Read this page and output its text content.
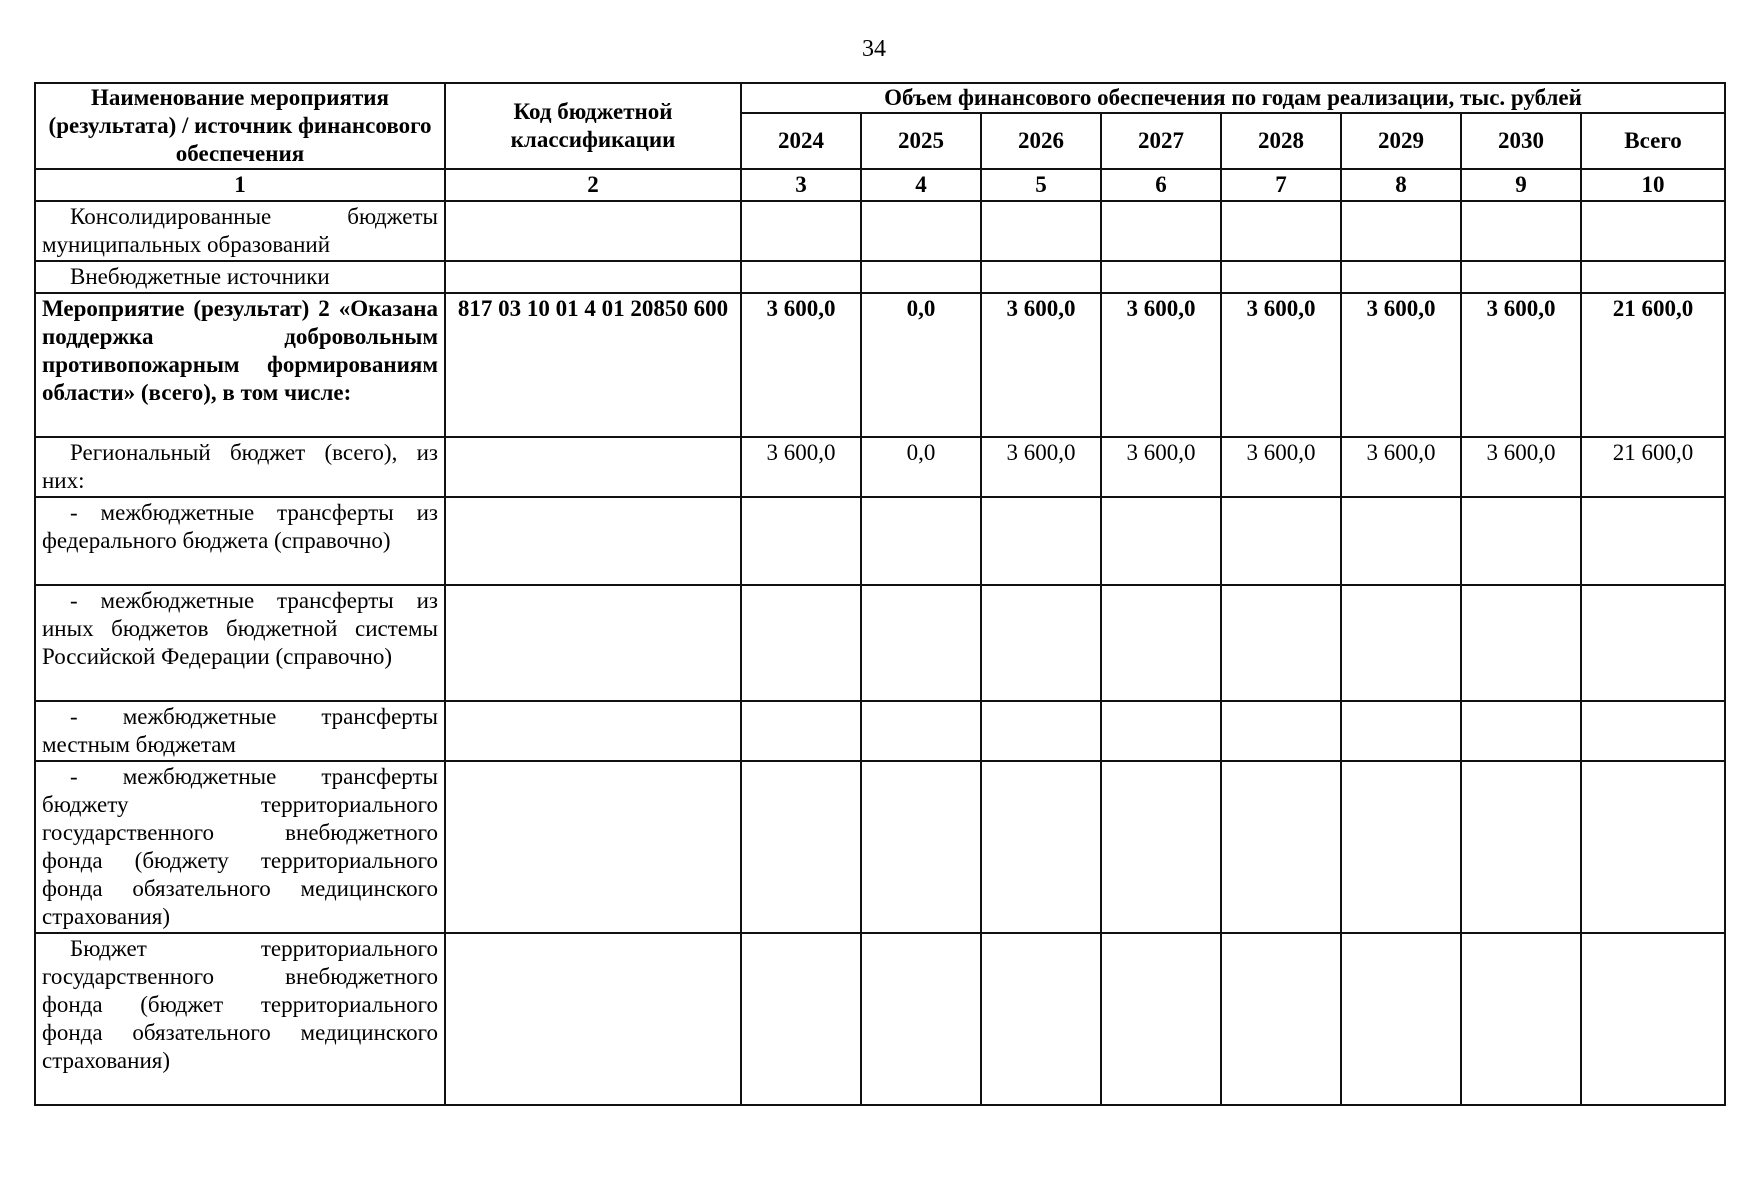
34
Наименование мероприятия (результата) / источник финансового обеспечения	Код бюджетной классификации	Объем финансового обеспечения по годам реализации, тыс. рублей							
		2024	2025	2026	2027	2028	2029	2030	Всего
1	2	3	4	5	6	7	8	9	10
Консолидированные бюджеты муниципальных образований									
Внебюджетные источники									
Мероприятие (результат) 2 «Оказана поддержка добровольным противопожарным формированиям области» (всего), в том числе:	817 03 10 01 4 01 20850 600	3 600,0	0,0	3 600,0	3 600,0	3 600,0	3 600,0	3 600,0	21 600,0
Региональный бюджет (всего), из них:		3 600,0	0,0	3 600,0	3 600,0	3 600,0	3 600,0	3 600,0	21 600,0
- межбюджетные трансферты из федерального бюджета (справочно)									
- межбюджетные трансферты из иных бюджетов бюджетной системы Российской Федерации (справочно)									
- межбюджетные трансферты местным бюджетам									
- межбюджетные трансферты бюджету территориального государственного внебюджетного фонда (бюджету территориального фонда обязательного медицинского страхования)									
Бюджет территориального государственного внебюджетного фонда (бюджет территориального фонда обязательного медицинского страхования)									
